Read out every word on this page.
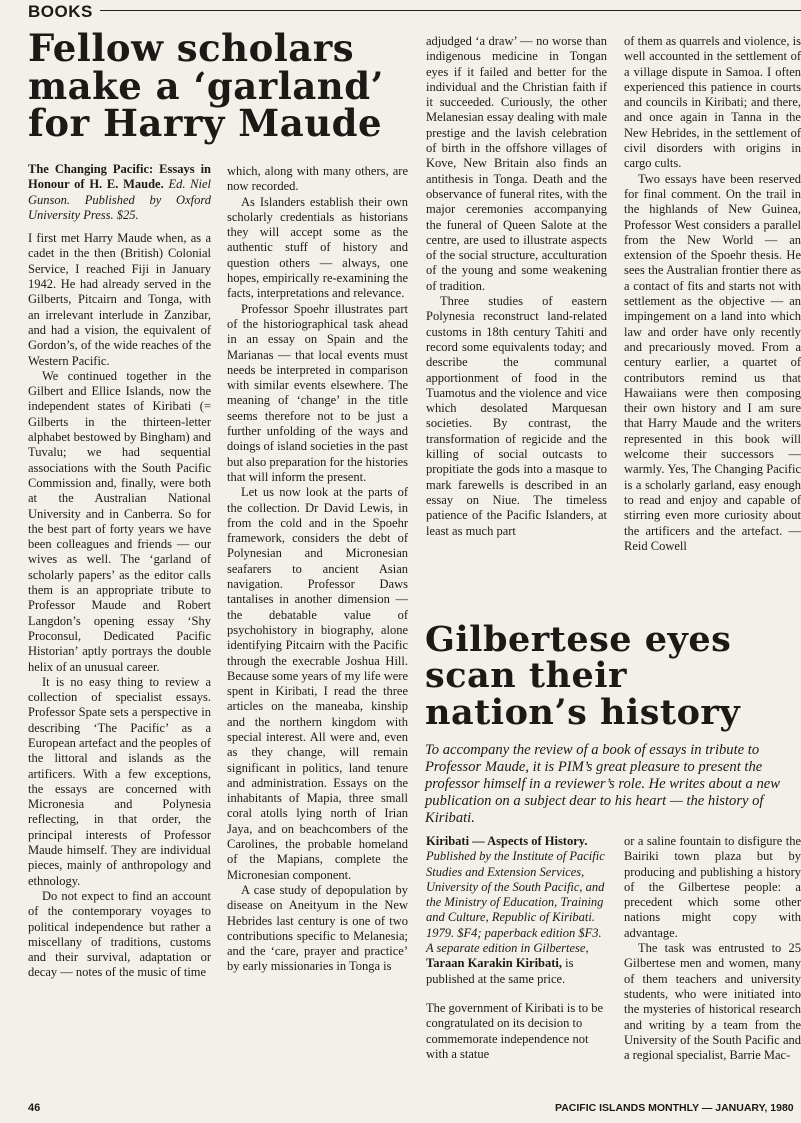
BOOKS
Fellow scholars make a ‘garland’ for Harry Maude

The Changing Pacific: Essays in Honour of H. E. Maude. Ed. Niel Gunson. Published by Oxford University Press. $25.

I first met Harry Maude when, as a cadet in the then (British) Colonial Service, I reached Fiji in January 1942. He had already served in the Gilberts, Pitcairn and Tonga, with an irrelevant interlude in Zanzibar, and had a vision, the equivalent of Gordon’s, of the wide reaches of the Western Pacific.

We continued together in the Gilbert and Ellice Islands, now the independent states of Kiribati (= Gilberts in the thirteen-letter alphabet bestowed by Bingham) and Tuvalu; we had sequential associations with the South Pacific Commission and, finally, were both at the Australian National University and in Canberra. So for the best part of forty years we have been colleagues and friends — our wives as well. The ‘garland of scholarly papers’ as the editor calls them is an appropriate tribute to Professor Maude and Robert Langdon’s opening essay ‘Shy Proconsul, Dedicated Pacific Historian’ aptly portrays the double helix of an unusual career.

It is no easy thing to review a collection of specialist essays. Professor Spate sets a perspective in describing ‘The Pacific’ as a European artefact and the peoples of the littoral and islands as the artificers. With a few exceptions, the essays are concerned with Micronesia and Polynesia reflecting, in that order, the principal interests of Professor Maude himself. They are individual pieces, mainly of anthropology and ethnology.

Do not expect to find an account of the contemporary voyages to political independence but rather a miscellany of traditions, customs and their survival, adaptation or decay — notes of the music of time

which, along with many others, are now recorded.

As Islanders establish their own scholarly credentials as historians they will accept some as the authentic stuff of history and question others — always, one hopes, empirically re-examining the facts, interpretations and relevance.

Professor Spoehr illustrates part of the historiographical task ahead in an essay on Spain and the Marianas — that local events must needs be interpreted in comparison with similar events elsewhere. The meaning of ‘change’ in the title seems therefore not to be just a further unfolding of the ways and doings of island societies in the past but also preparation for the histories that will inform the present.

Let us now look at the parts of the collection. Dr David Lewis, in from the cold and in the Spoehr framework, considers the debt of Polynesian and Micronesian seafarers to ancient Asian navigation. Professor Daws tantalises in another dimension — the debatable value of psychohistory in biography, alone identifying Pitcairn with the Pacific through the execrable Joshua Hill. Because some years of my life were spent in Kiribati, I read the three articles on the maneaba, kinship and the northern kingdom with special interest. All were and, even as they change, will remain significant in politics, land tenure and administration. Essays on the inhabitants of Mapia, three small coral atolls lying north of Irian Jaya, and on beachcombers of the Carolines, the probable homeland of the Mapians, complete the Micronesian component.

A case study of depopulation by disease on Aneityum in the New Hebrides last century is one of two contributions specific to Melanesia; and the ‘care, prayer and practice’ by early missionaries in Tonga is

adjudged ‘a draw’ — no worse than indigenous medicine in Tongan eyes if it failed and better for the individual and the Christian faith if it succeeded. Curiously, the other Melanesian essay dealing with male prestige and the lavish celebration of birth in the offshore villages of Kove, New Britain also finds an antithesis in Tonga. Death and the observance of funeral rites, with the major ceremonies accompanying the funeral of Queen Salote at the centre, are used to illustrate aspects of the social structure, acculturation of the young and some weakening of tradition.

Three studies of eastern Polynesia reconstruct land-related customs in 18th century Tahiti and record some equivalents today; and describe the communal apportionment of food in the Tuamotus and the violence and vice which desolated Marquesan societies. By contrast, the transformation of regicide and the killing of social outcasts to propitiate the gods into a masque to mark farewells is described in an essay on Niue. The timeless patience of the Pacific Islanders, at least as much part

of them as quarrels and violence, is well accounted in the settlement of a village dispute in Samoa. I often experienced this patience in courts and councils in Kiribati; and there, and once again in Tanna in the New Hebrides, in the settlement of civil disorders with origins in cargo cults.

Two essays have been reserved for final comment. On the trail in the highlands of New Guinea, Professor West considers a parallel from the New World — an extension of the Spoehr thesis. He sees the Australian frontier there as a contact of fits and starts not with settlement as the objective — an impingement on a land into which law and order have only recently and precariously moved. From a century earlier, a quartet of contributors remind us that Hawaiians were then composing their own history and I am sure that Harry Maude and the writers represented in this book will welcome their successors — warmly. Yes, The Changing Pacific is a scholarly garland, easy enough to read and enjoy and capable of stirring even more curiosity about the artificers and the artefact. — Reid Cowell

Gilbertese eyes scan their nation’s history

To accompany the review of a book of essays in tribute to Professor Maude, it is PIM’s great pleasure to present the professor himself in a reviewer’s role. He writes about a new publication on a subject dear to his heart — the history of Kiribati.

Kiribati — Aspects of History. Published by the Institute of Pacific Studies and Extension Services, University of the South Pacific, and the Ministry of Education, Training and Culture, Republic of Kiribati. 1979. $F4; paperback edition $F3. A separate edition in Gilbertese, Taraan Karakin Kiribati, is published at the same price.

The government of Kiribati is to be congratulated on its decision to commemorate independence not with a statue

or a saline fountain to disfigure the Bairiki town plaza but by producing and publishing a history of the Gilbertese people: a precedent which some other nations might copy with advantage.

The task was entrusted to 25 Gilbertese men and women, many of them teachers and university students, who were initiated into the mysteries of historical research and writing by a team from the University of the South Pacific and a regional specialist, Barrie Mac-

46	PACIFIC ISLANDS MONTHLY — JANUARY, 1980
